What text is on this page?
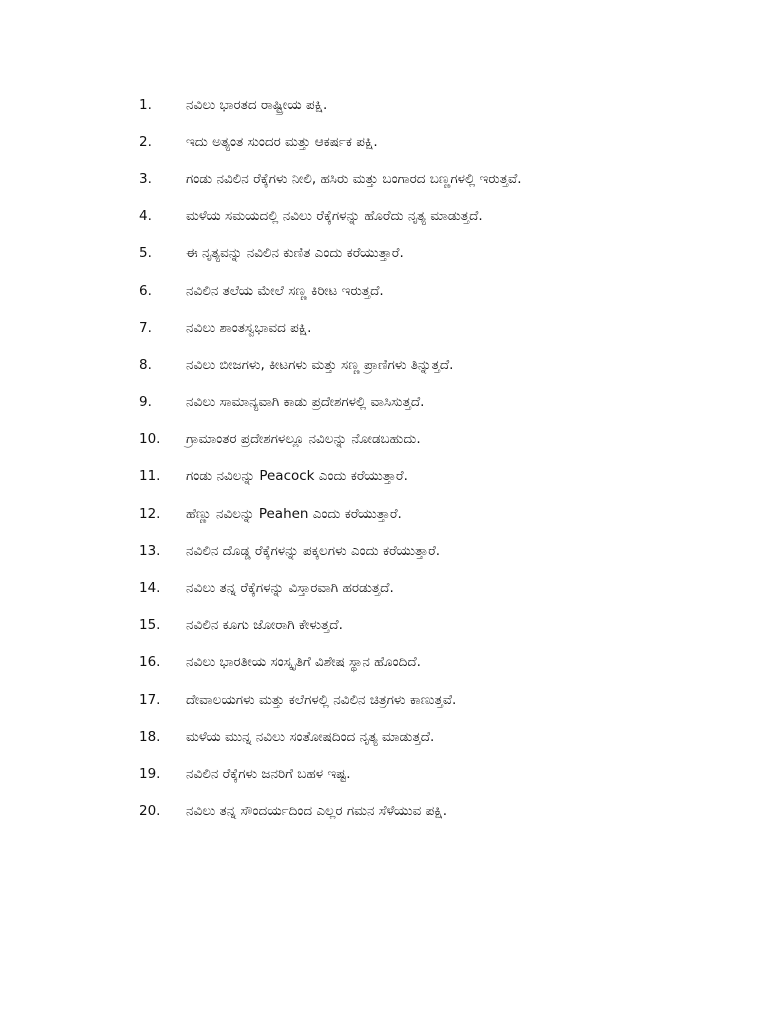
1.	ನವಿಲು ಭಾರತದ ರಾಷ್ಟ್ರೀಯ ಪಕ್ಷಿ.
2.	ಇದು ಅತ್ಯಂತ ಸುಂದರ ಮತ್ತು ಆಕರ್ಷಕ ಪಕ್ಷಿ.
3.	ಗಂಡು ನವಿಲಿನ ರೆಕ್ಕೆಗಳು ನೀಲಿ, ಹಸಿರು ಮತ್ತು ಬಂಗಾರದ ಬಣ್ಣಗಳಲ್ಲಿ ಇರುತ್ತವೆ.
4.	ಮಳೆಯ ಸಮಯದಲ್ಲಿ ನವಿಲು ರೆಕ್ಕೆಗಳನ್ನು ಹೊರೆದು ನೃತ್ಯ ಮಾಡುತ್ತದೆ.
5.	ಈ ನೃತ್ಯವನ್ನು ನವಿಲಿನ ಕುಣಿತ ಎಂದು ಕರೆಯುತ್ತಾರೆ.
6.	ನವಿಲಿನ ತಲೆಯ ಮೇಲೆ ಸಣ್ಣ ಕಿರೀಟ ಇರುತ್ತದೆ.
7.	ನವಿಲು ಶಾಂತಸ್ವಭಾವದ ಪಕ್ಷಿ.
8.	ನವಿಲು ಬೀಜಗಳು, ಕೀಟಗಳು ಮತ್ತು ಸಣ್ಣ ಪ್ರಾಣಿಗಳು ತಿನ್ನುತ್ತದೆ.
9.	ನವಿಲು ಸಾಮಾನ್ಯವಾಗಿ ಕಾಡು ಪ್ರದೇಶಗಳಲ್ಲಿ ವಾಸಿಸುತ್ತದೆ.
10.	ಗ್ರಾಮಾಂತರ ಪ್ರದೇಶಗಳಲ್ಲೂ ನವಿಲನ್ನು ನೋಡಬಹುದು.
11.	ಗಂಡು ನವಿಲನ್ನು Peacock ಎಂದು ಕರೆಯುತ್ತಾರೆ.
12.	ಹೆಣ್ಣು ನವಿಲನ್ನು Peahen ಎಂದು ಕರೆಯುತ್ತಾರೆ.
13.	ನವಿಲಿನ ದೊಡ್ಡ ರೆಕ್ಕೆಗಳನ್ನು ಪಕ್ಕಲಗಳು ಎಂದು ಕರೆಯುತ್ತಾರೆ.
14.	ನವಿಲು ತನ್ನ ರೆಕ್ಕೆಗಳನ್ನು ವಿಸ್ತಾರವಾಗಿ ಹರಡುತ್ತದೆ.
15.	ನವಿಲಿನ ಕೂಗು ಜೋರಾಗಿ ಕೇಳುತ್ತದೆ.
16.	ನವಿಲು ಭಾರತೀಯ ಸಂಸ್ಕೃತಿಗೆ ವಿಶೇಷ ಸ್ಥಾನ ಹೊಂದಿದೆ.
17.	ದೇವಾಲಯಗಳು ಮತ್ತು ಕಲೆಗಳಲ್ಲಿ ನವಿಲಿನ ಚಿತ್ರಗಳು ಕಾಣುತ್ತವೆ.
18.	ಮಳೆಯ ಮುನ್ನ ನವಿಲು ಸಂತೋಷದಿಂದ ನೃತ್ಯ ಮಾಡುತ್ತದೆ.
19.	ನವಿಲಿನ ರೆಕ್ಕೆಗಳು ಜನರಿಗೆ ಬಹಳ ಇಷ್ಟ.
20.	ನವಿಲು ತನ್ನ ಸೌಂದರ್ಯದಿಂದ ಎಲ್ಲರ ಗಮನ ಸೆಳೆಯುವ ಪಕ್ಷಿ.
